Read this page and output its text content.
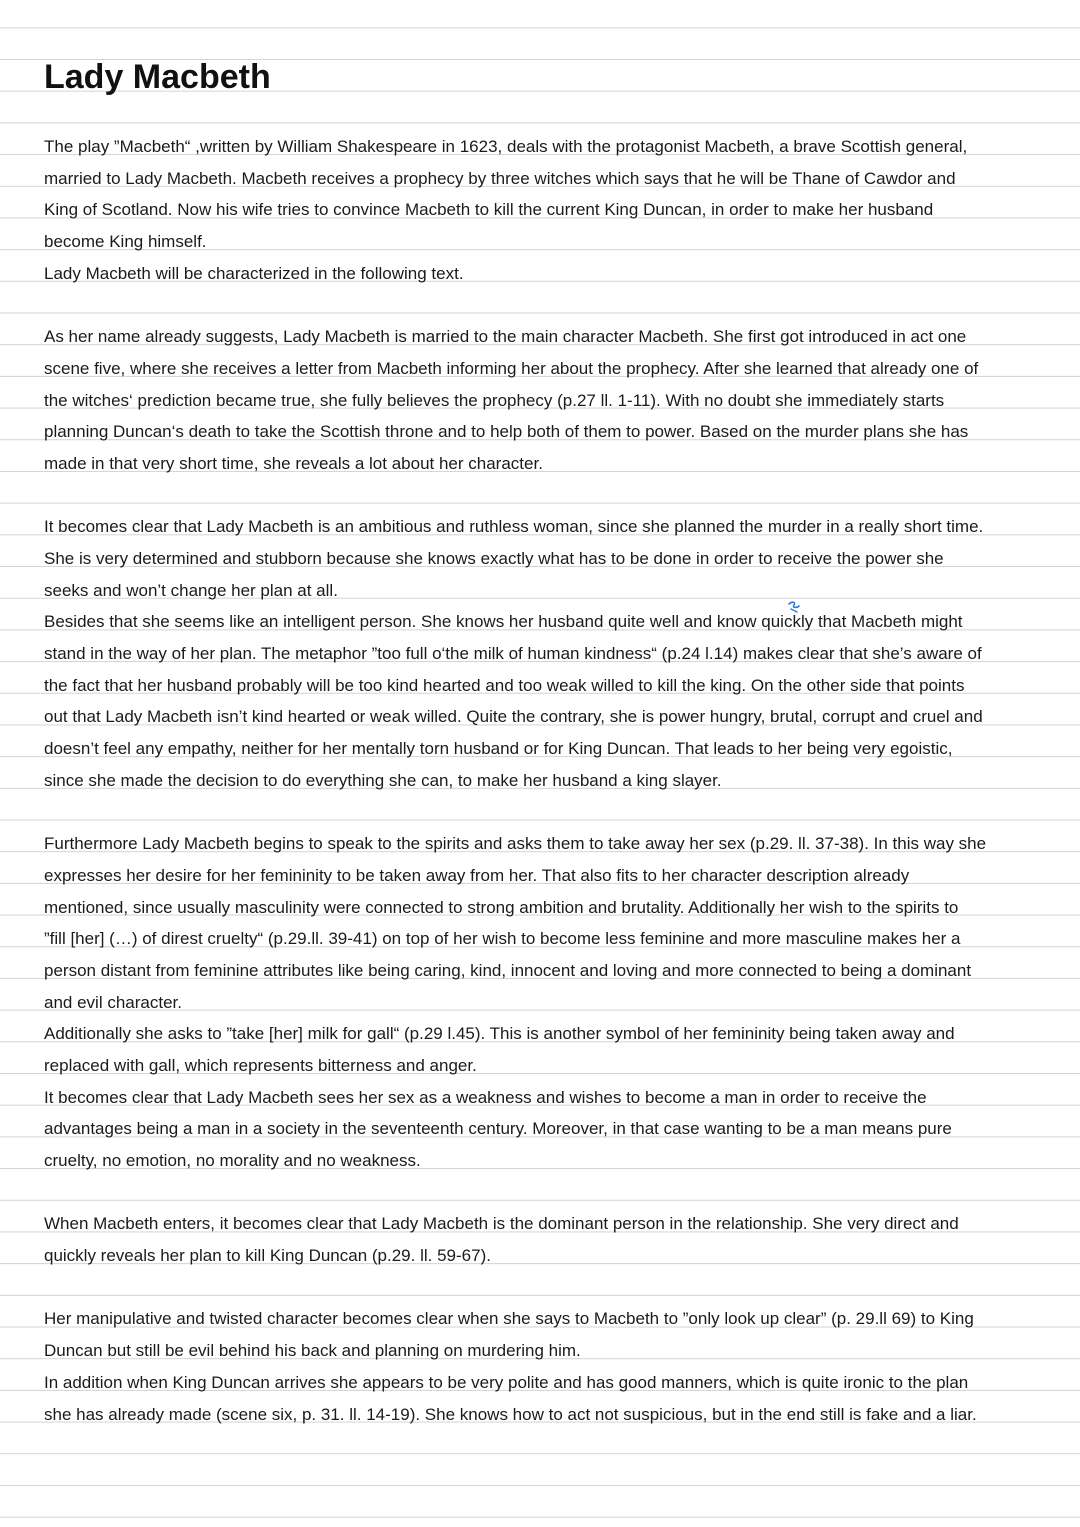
Lady Macbeth
The play ”Macbeth“ ,written by William Shakespeare in 1623, deals with the protagonist Macbeth, a brave Scottish general,
married to Lady Macbeth. Macbeth receives a prophecy by three witches which says that he will be Thane of Cawdor and
King of Scotland. Now his wife tries to convince Macbeth to kill the current King Duncan, in order to make her husband
become King himself.
Lady Macbeth will be characterized in the following text.
As her name already suggests, Lady Macbeth is married to the main character Macbeth. She first got introduced in act one
scene five, where she receives a letter from Macbeth informing her about the prophecy. After she learned that already one of
the witches‘ prediction became true, she fully believes the prophecy (p.27 ll. 1-11). With no doubt she immediately starts
planning Duncan‘s death to take the Scottish throne and to help both of them to power. Based on the murder plans she has
made in that very short time, she reveals a lot about her character.
It becomes clear that Lady Macbeth is an ambitious and ruthless woman, since she planned the murder in a really short time.
She is very determined and stubborn because she knows exactly what has to be done in order to receive the power she
seeks and won’t change her plan at all.
Besides that she seems like an intelligent person. She knows her husband quite well and know quickly that Macbeth might
stand in the way of her plan. The metaphor ”too full o‘the milk of human kindness“ (p.24 l.14) makes clear that she’s aware of
the fact that her husband probably will be too kind hearted and too weak willed to kill the king. On the other side that points
out that Lady Macbeth isn’t kind hearted or weak willed. Quite the contrary, she is power hungry, brutal, corrupt and cruel and
doesn’t feel any empathy, neither for her mentally torn husband or for King Duncan. That leads to her being very egoistic,
since she made the decision to do everything she can, to make her husband a king slayer.
Furthermore Lady Macbeth begins to speak to the spirits and asks them to take away her sex (p.29. ll. 37-38). In this way she
expresses her desire for her femininity to be taken away from her. That also fits to her character description already
mentioned, since usually masculinity were connected to strong ambition and brutality. Additionally her wish to the spirits to
”fill [her] (…) of direst cruelty“ (p.29.ll. 39-41) on top of her wish to become less feminine and more masculine makes her a
person distant from feminine attributes like being caring, kind, innocent and loving and more connected to being a dominant
and evil character.
Additionally she asks to ”take [her] milk for gall“ (p.29 l.45). This is another symbol of her femininity being taken away and
replaced with gall, which represents bitterness and anger.
It becomes clear that Lady Macbeth sees her sex as a weakness and wishes to become a man in order to receive the
advantages being a man in a society in the seventeenth century. Moreover, in that case wanting to be a man means pure
cruelty, no emotion, no morality and no weakness.
When Macbeth enters, it becomes clear that Lady Macbeth is the dominant person in the relationship. She very direct and
quickly reveals her plan to kill King Duncan (p.29. ll. 59-67).
Her manipulative and twisted character becomes clear when she says to Macbeth to ”only look up clear” (p. 29.ll 69) to King
Duncan but still be evil behind his back and planning on murdering him.
In addition when King Duncan arrives she appears to be very polite and has good manners, which is quite ironic to the plan
she has already made (scene six, p. 31. ll. 14-19). She knows how to act not suspicious, but in the end still is fake and a liar.
